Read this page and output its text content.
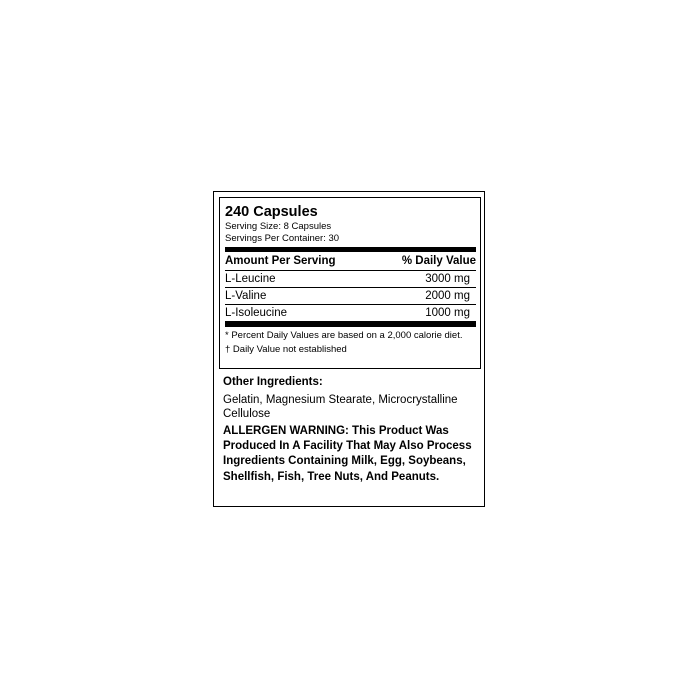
240 Capsules
Serving Size: 8 Capsules
Servings Per Container: 30
Amount Per Serving	% Daily Value
L-Leucine	3000 mg
L-Valine	2000 mg
L-Isoleucine	1000 mg
* Percent Daily Values are based on a 2,000 calorie diet.
† Daily Value not established
Other Ingredients:
Gelatin, Magnesium Stearate, Microcrystalline Cellulose
ALLERGEN WARNING: This Product Was Produced In A Facility That May Also Process Ingredients Containing Milk, Egg, Soybeans, Shellfish, Fish, Tree Nuts, And Peanuts.
